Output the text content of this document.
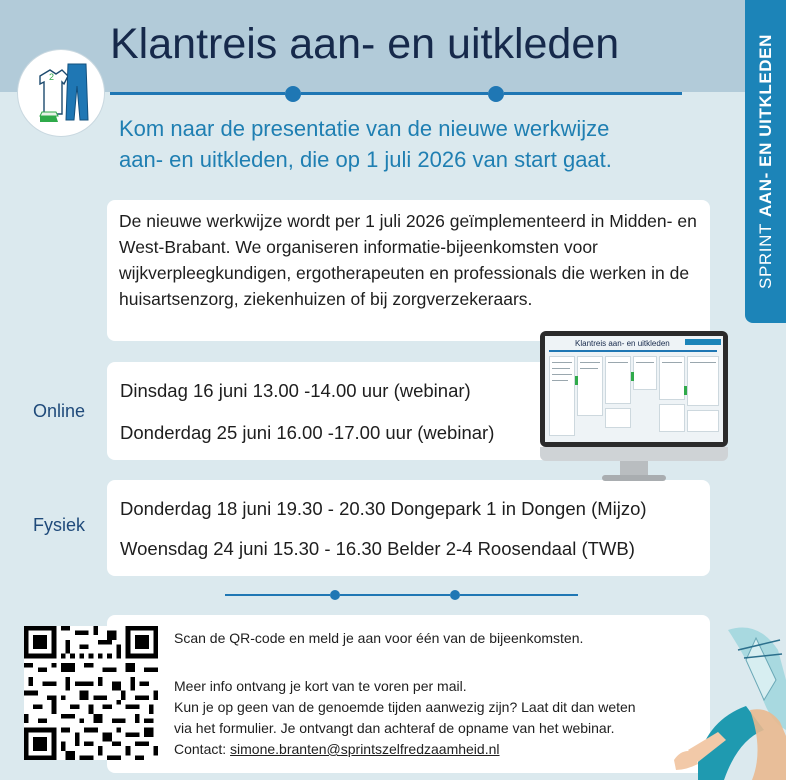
Klantreis aan- en uitkleden
2
SPRINT
AAN- EN UITKLEDEN
Kom naar de presentatie van de nieuwe werkwijze
aan- en uitkleden, die op 1 juli 2026 van start gaat.
De nieuwe werkwijze wordt per 1 juli 2026 geïmplementeerd in Midden- en West-Brabant. We organiseren informatie-bijeenkomsten voor wijkverpleegkundigen, ergotherapeuten en professionals die werken in de huisartsenzorg, ziekenhuizen of bij zorgverzekeraars.
Online
Dinsdag 16 juni 13.00 -14.00 uur (webinar)
Donderdag 25 juni 16.00 -17.00 uur (webinar)
Fysiek
Donderdag 18 juni 19.30 - 20.30 Dongepark 1 in Dongen (Mijzo)
Woensdag 24 juni 15.30 - 16.30 Belder 2-4 Roosendaal (TWB)
Klantreis aan- en uitkleden
Scan de QR-code en meld je aan voor één van de bijeenkomsten.
Meer info ontvang je kort van te voren per mail.
Kun je op geen van de genoemde tijden aanwezig zijn? Laat dit dan weten
via het formulier. Je ontvangt dan achteraf de opname van het webinar.
Contact: simone.branten@sprintszelfredzaamheid.nl
